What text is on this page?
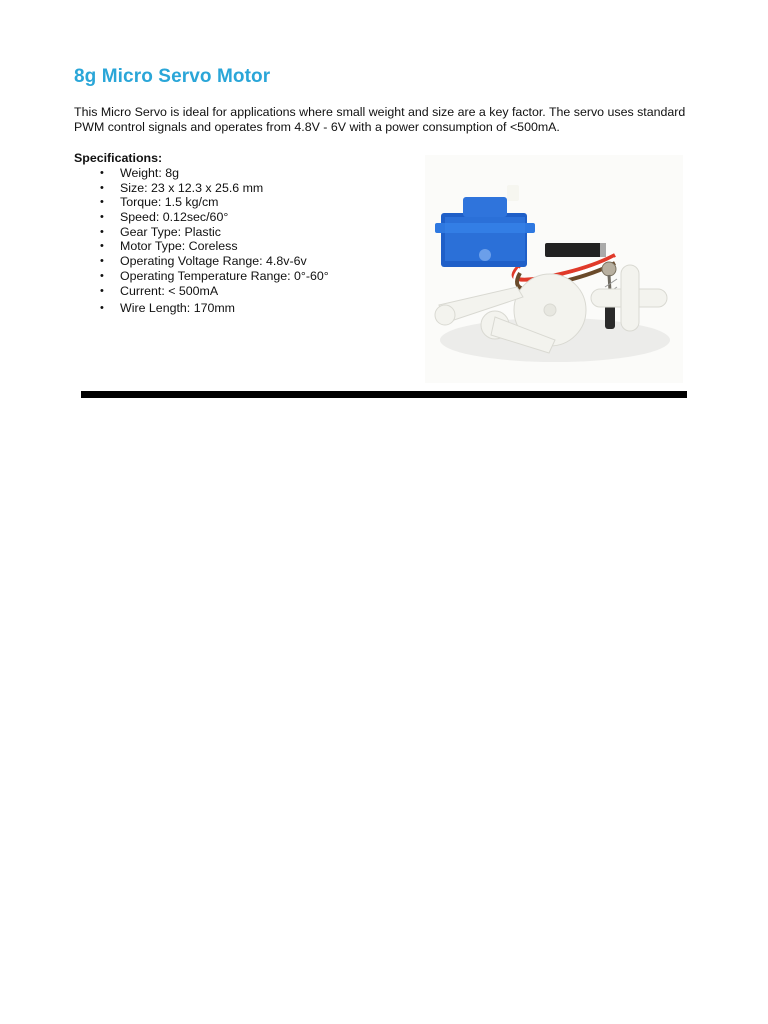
8g Micro Servo Motor

This Micro Servo is ideal for applications where small weight and size are a key factor. The servo uses standard PWM control signals and operates from 4.8V - 6V with a power consumption of <500mA.

Specifications:
• Weight: 8g
• Size: 23 x 12.3 x 25.6 mm
• Torque: 1.5 kg/cm
• Speed: 0.12sec/60°
• Gear Type: Plastic
• Motor Type: Coreless
• Operating Voltage Range: 4.8v-6v
• Operating Temperature Range: 0°-60°
• Current: < 500mA
• Wire Length: 170mm
